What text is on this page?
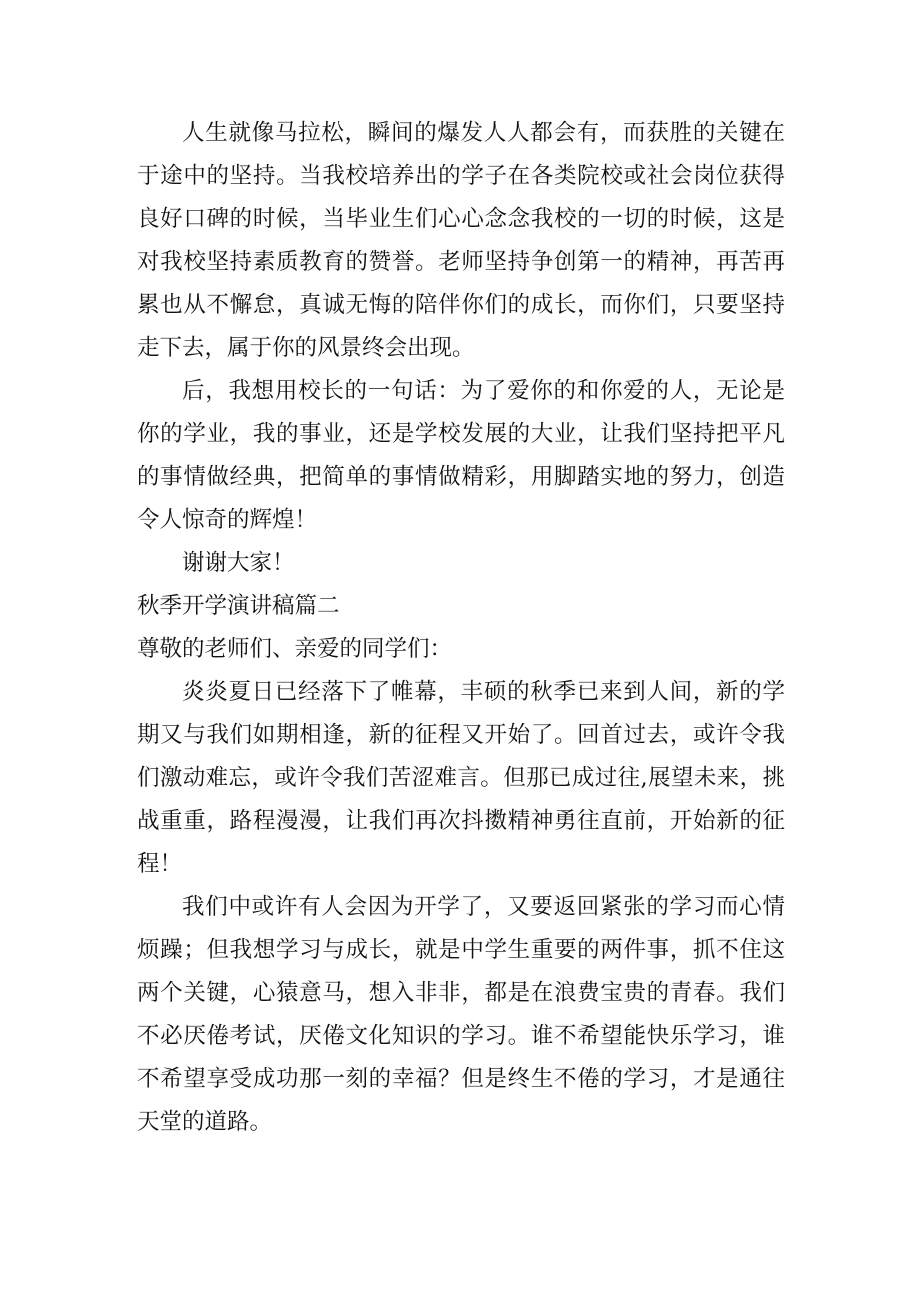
人生就像马拉松，瞬间的爆发人人都会有，而获胜的关键在于途中的坚持。当我校培养出的学子在各类院校或社会岗位获得良好口碑的时候，当毕业生们心心念念我校的一切的时候，这是对我校坚持素质教育的赞誉。老师坚持争创第一的精神，再苦再累也从不懈怠，真诚无悔的陪伴你们的成长，而你们，只要坚持走下去，属于你的风景终会出现。

后，我想用校长的一句话：为了爱你的和你爱的人，无论是你的学业，我的事业，还是学校发展的大业，让我们坚持把平凡的事情做经典，把简单的事情做精彩，用脚踏实地的努力，创造令人惊奇的辉煌！

谢谢大家！

秋季开学演讲稿篇二

尊敬的老师们、亲爱的同学们：

炎炎夏日已经落下了帷幕，丰硕的秋季已来到人间，新的学期又与我们如期相逢，新的征程又开始了。回首过去，或许令我们激动难忘，或许令我们苦涩难言。但那已成过往,展望未来，挑战重重，路程漫漫，让我们再次抖擞精神勇往直前，开始新的征程！

我们中或许有人会因为开学了，又要返回紧张的学习而心情烦躁；但我想学习与成长，就是中学生重要的两件事，抓不住这两个关键，心猿意马，想入非非，都是在浪费宝贵的青春。我们不必厌倦考试，厌倦文化知识的学习。谁不希望能快乐学习，谁不希望享受成功那一刻的幸福？但是终生不倦的学习，才是通往天堂的道路。
